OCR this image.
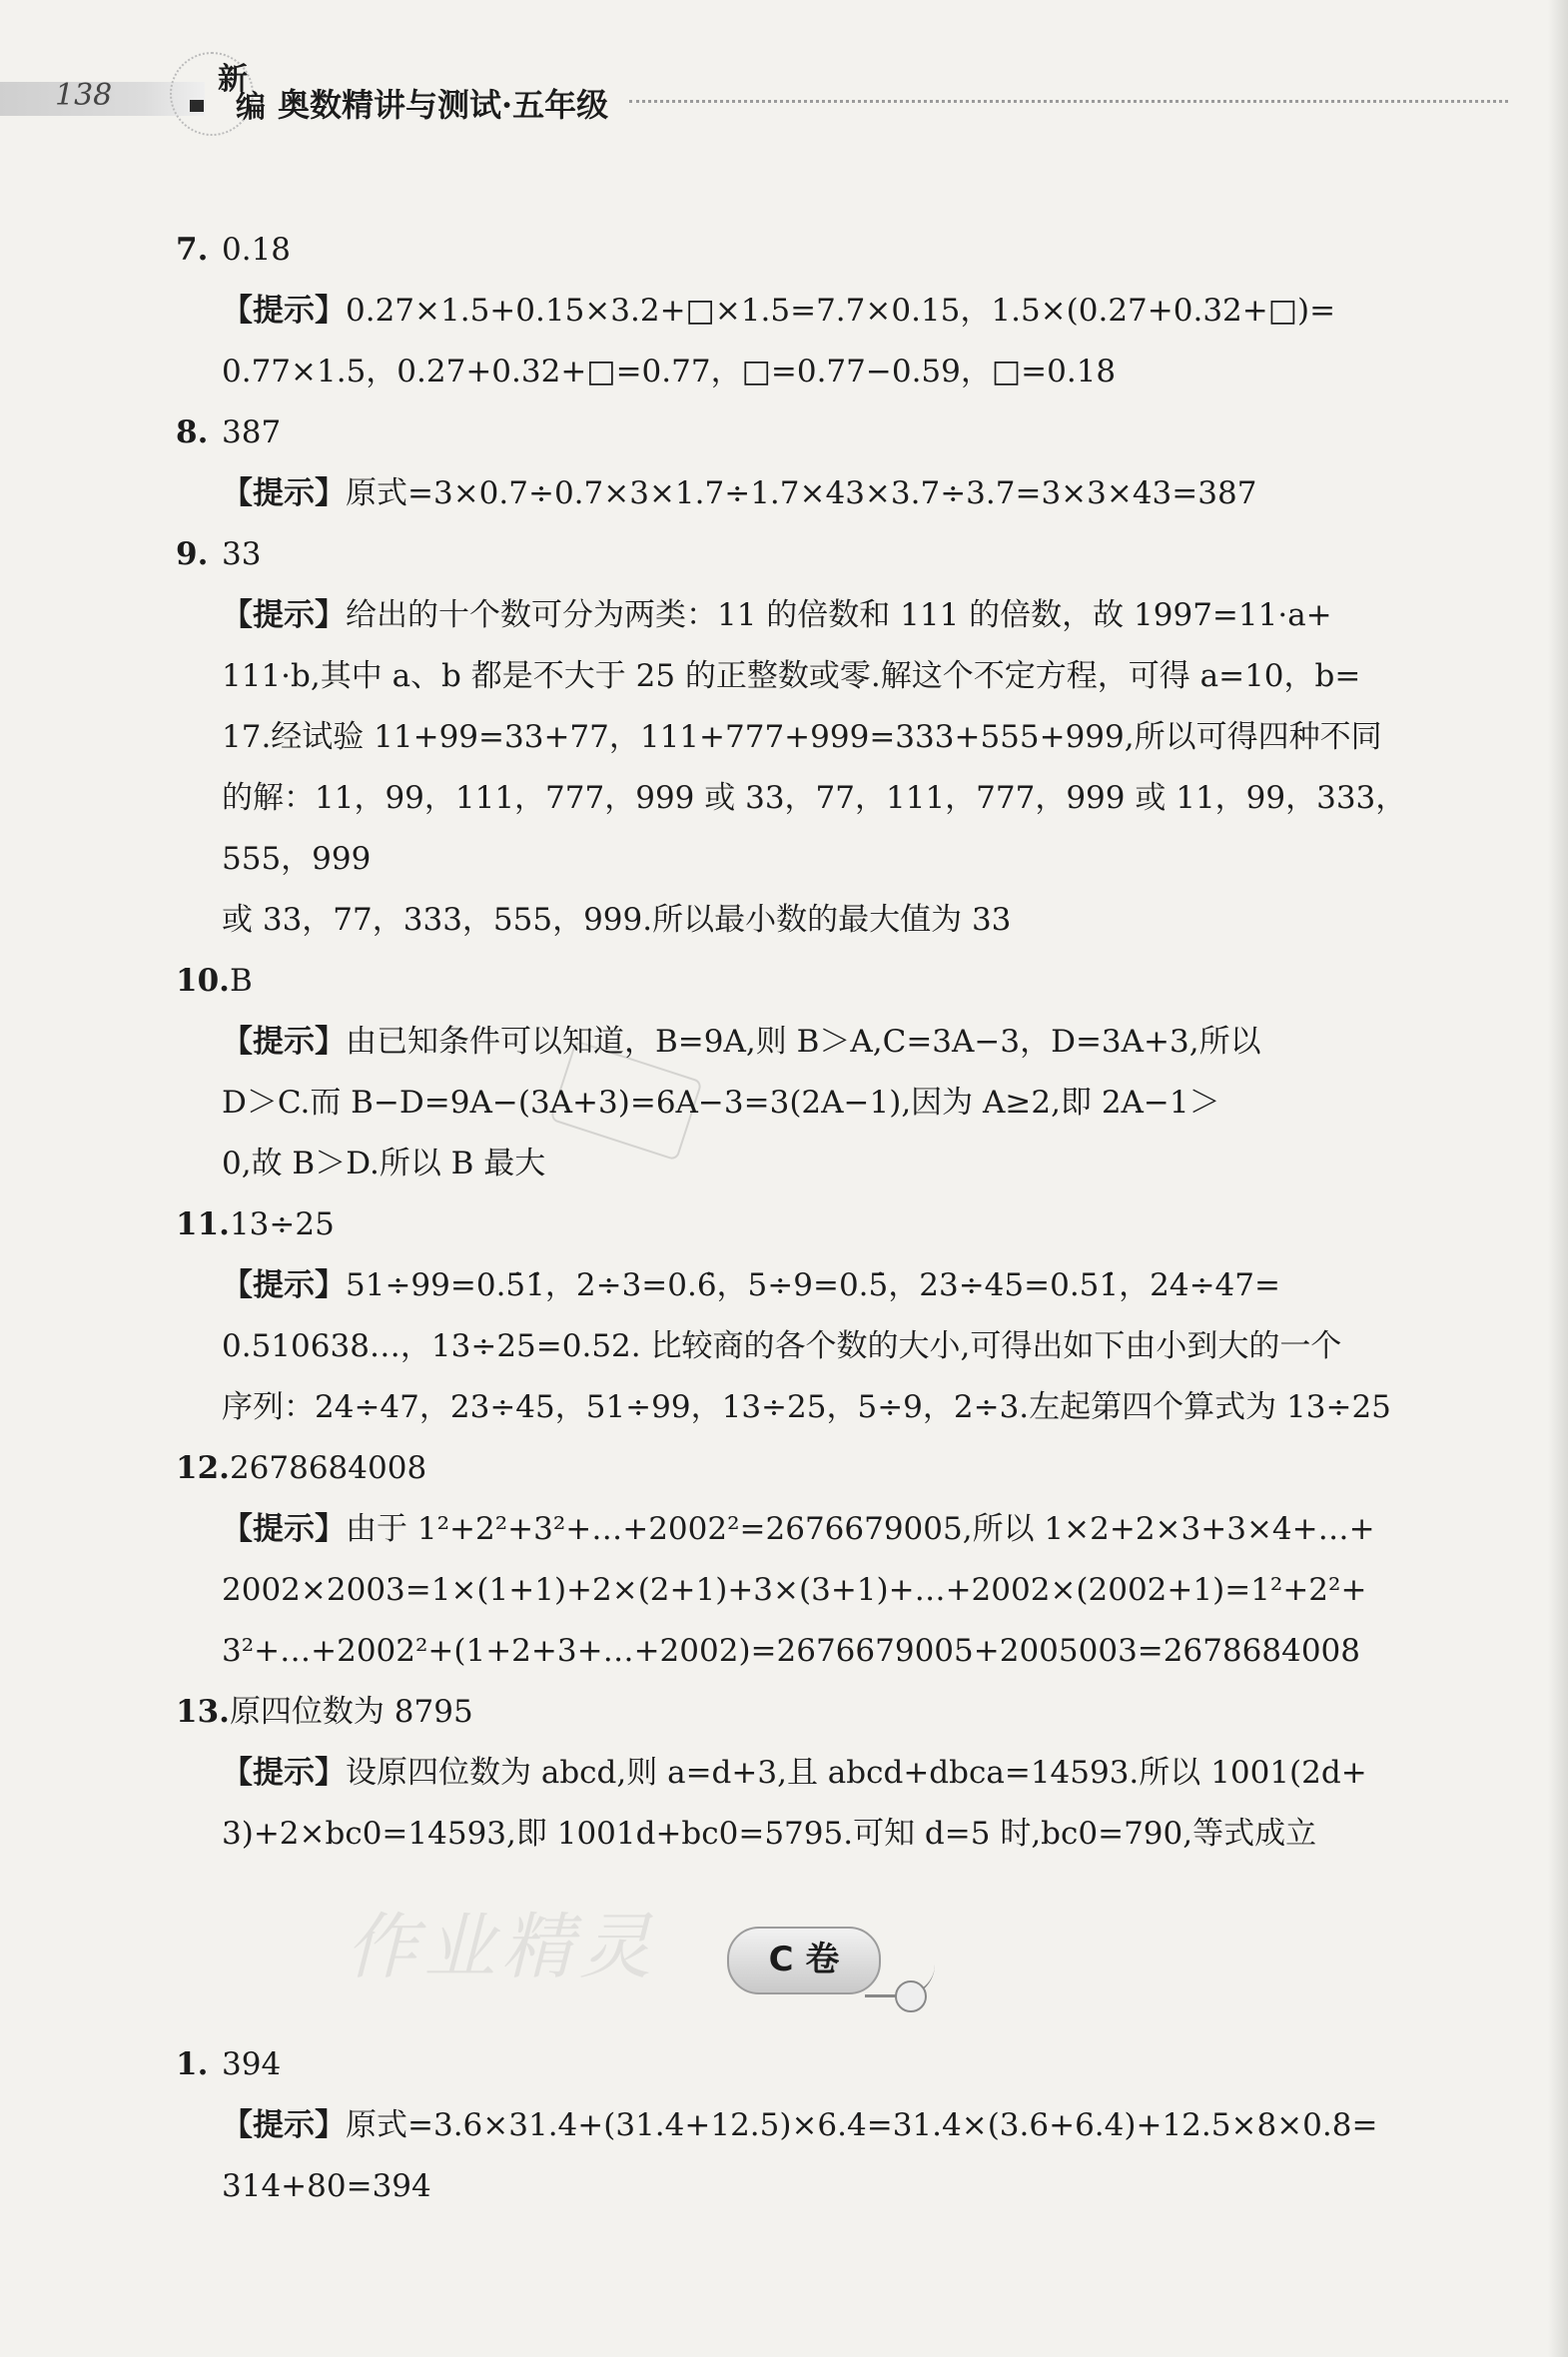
138	新
编 奥数精讲与测试·五年级
7. 0.18
【提示】0.27×1.5+0.15×3.2+□×1.5=7.7×0.15，1.5×(0.27+0.32+□)=
0.77×1.5，0.27+0.32+□=0.77，□=0.77−0.59，□=0.18
8. 387
【提示】原式=3×0.7÷0.7×3×1.7÷1.7×43×3.7÷3.7=3×3×43=387
9. 33
【提示】给出的十个数可分为两类：11 的倍数和 111 的倍数，故 1997=11·a+
111·b,其中 a、b 都是不大于 25 的正整数或零.解这个不定方程，可得 a=10，b=
17.经试验 11+99=33+77，111+777+999=333+555+999,所以可得四种不同
的解：11，99，111，777，999 或 33，77，111，777，999 或 11，99，333，555，999
或 33，77，333，555，999.所以最小数的最大值为 33
10.B
【提示】由已知条件可以知道，B=9A,则 B＞A,C=3A−3，D=3A+3,所以
D＞C.而 B−D=9A−(3A+3)=6A−3=3(2A−1),因为 A≥2,即 2A−1＞
0,故 B＞D.所以 B 最大
11.13÷25
【提示】51÷99=0.5̇1̇，2÷3=0.6̇，5÷9=0.5̇，23÷45=0.51̇，24÷47=
0.510638…，13÷25=0.52. 比较商的各个数的大小,可得出如下由小到大的一个
序列：24÷47，23÷45，51÷99，13÷25，5÷9，2÷3.左起第四个算式为 13÷25
12.2678684008
【提示】由于 1²+2²+3²+…+2002²=2676679005,所以 1×2+2×3+3×4+…+
2002×2003=1×(1+1)+2×(2+1)+3×(3+1)+…+2002×(2002+1)=1²+2²+
3²+…+2002²+(1+2+3+…+2002)=2676679005+2005003=2678684008
13.原四位数为 8795
【提示】设原四位数为 abcd,则 a=d+3,且 abcd+dbca=14593.所以 1001(2d+
3)+2×bc0=14593,即 1001d+bc0=5795.可知 d=5 时,bc0=790,等式成立
作业精灵	C 卷
1. 394
【提示】原式=3.6×31.4+(31.4+12.5)×6.4=31.4×(3.6+6.4)+12.5×8×0.8=
314+80=394
